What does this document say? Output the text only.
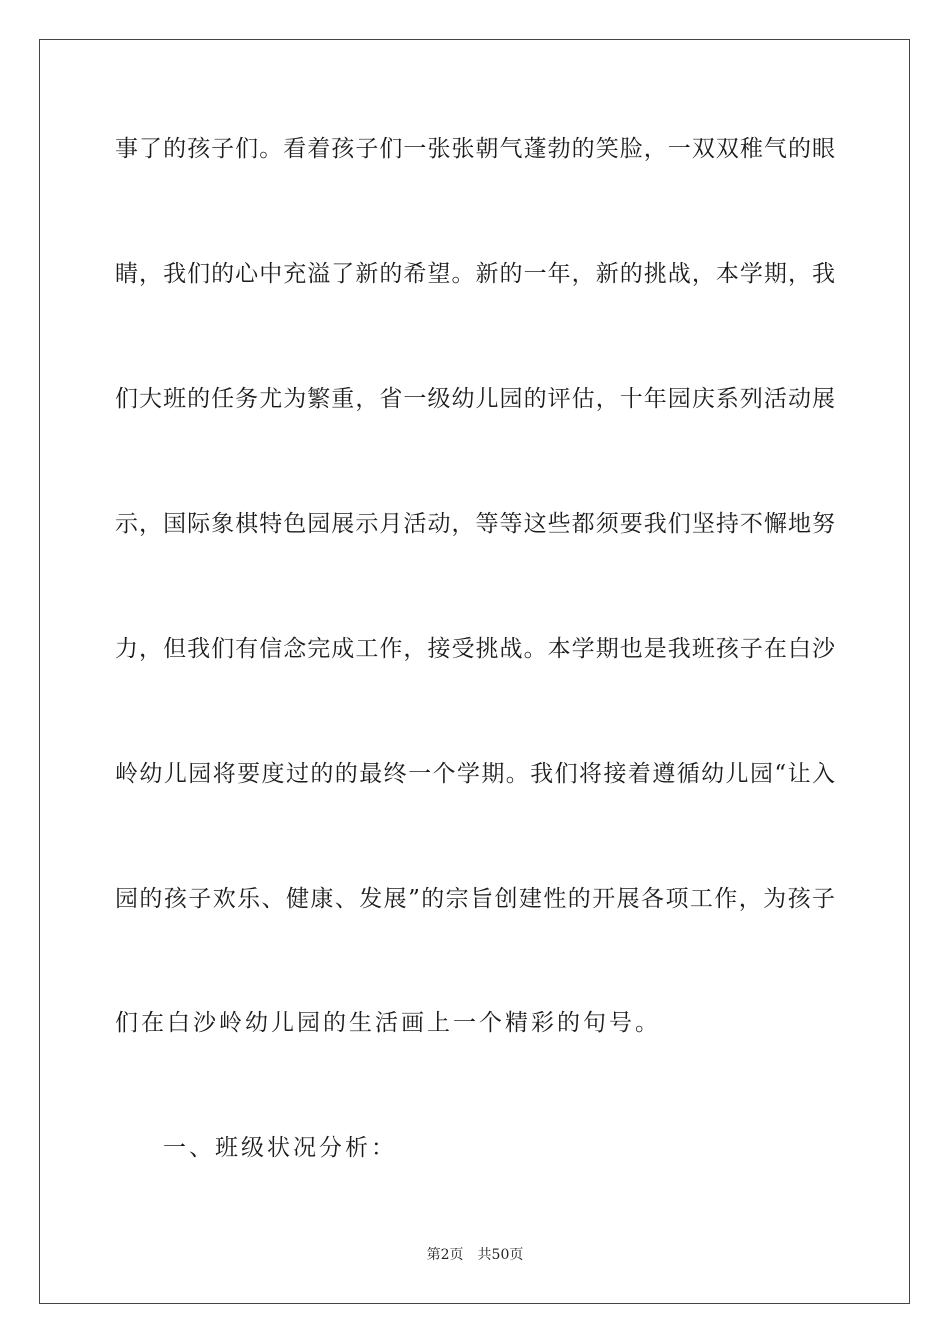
事了的孩子们。看着孩子们一张张朝气蓬勃的笑脸，一双双稚气的眼
睛，我们的心中充溢了新的希望。新的一年，新的挑战，本学期，我
们大班的任务尤为繁重，省一级幼儿园的评估，十年园庆系列活动展
示，国际象棋特色园展示月活动，等等这些都须要我们坚持不懈地努
力，但我们有信念完成工作，接受挑战。本学期也是我班孩子在白沙
岭幼儿园将要度过的的最终一个学期。我们将接着遵循幼儿园“让入
园的孩子欢乐、健康、发展”的宗旨创建性的开展各项工作，为孩子
们在白沙岭幼儿园的生活画上一个精彩的句号。
一、班级状况分析：
第2页 共50页
